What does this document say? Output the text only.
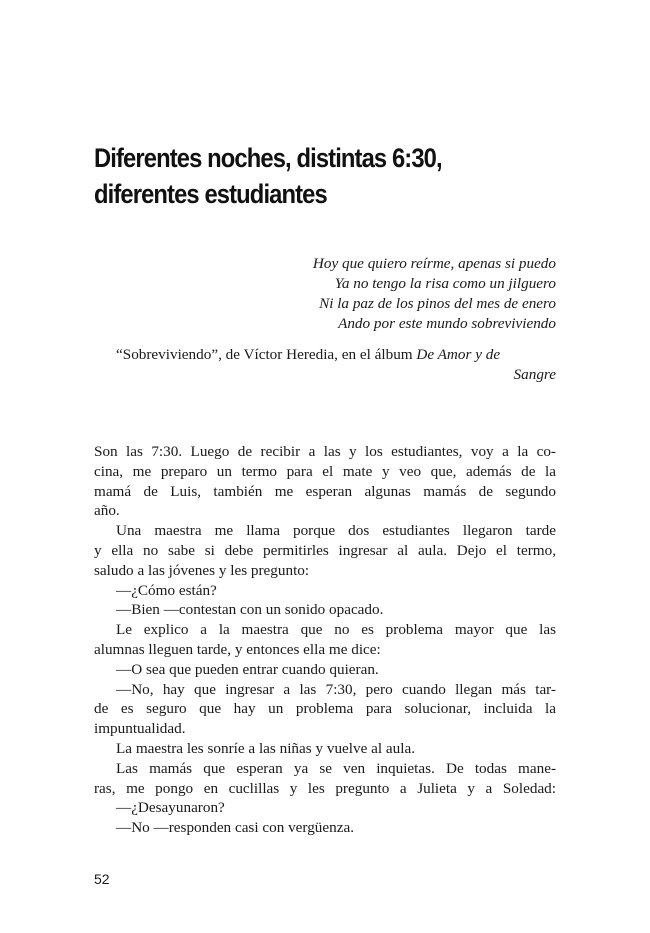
Diferentes noches, distintas 6:30,
diferentes estudiantes
Hoy que quiero reírme, apenas si puedo
Ya no tengo la risa como un jilguero
Ni la paz de los pinos del mes de enero
Ando por este mundo sobreviviendo
“Sobreviviendo”, de Víctor Heredia, en el álbum De Amor y de
Sangre
Son las 7:30. Luego de recibir a las y los estudiantes, voy a la co-
cina, me preparo un termo para el mate y veo que, además de la
mamá de Luis, también me esperan algunas mamás de segundo
año.
Una maestra me llama porque dos estudiantes llegaron tarde
y ella no sabe si debe permitirles ingresar al aula. Dejo el termo,
saludo a las jóvenes y les pregunto:
—¿Cómo están?
—Bien —contestan con un sonido opacado.
Le explico a la maestra que no es problema mayor que las
alumnas lleguen tarde, y entonces ella me dice:
—O sea que pueden entrar cuando quieran.
—No, hay que ingresar a las 7:30, pero cuando llegan más tar-
de es seguro que hay un problema para solucionar, incluida la
impuntualidad.
La maestra les sonríe a las niñas y vuelve al aula.
Las mamás que esperan ya se ven inquietas. De todas mane-
ras, me pongo en cuclillas y les pregunto a Julieta y a Soledad:
—¿Desayunaron?
—No —responden casi con vergüenza.
52
